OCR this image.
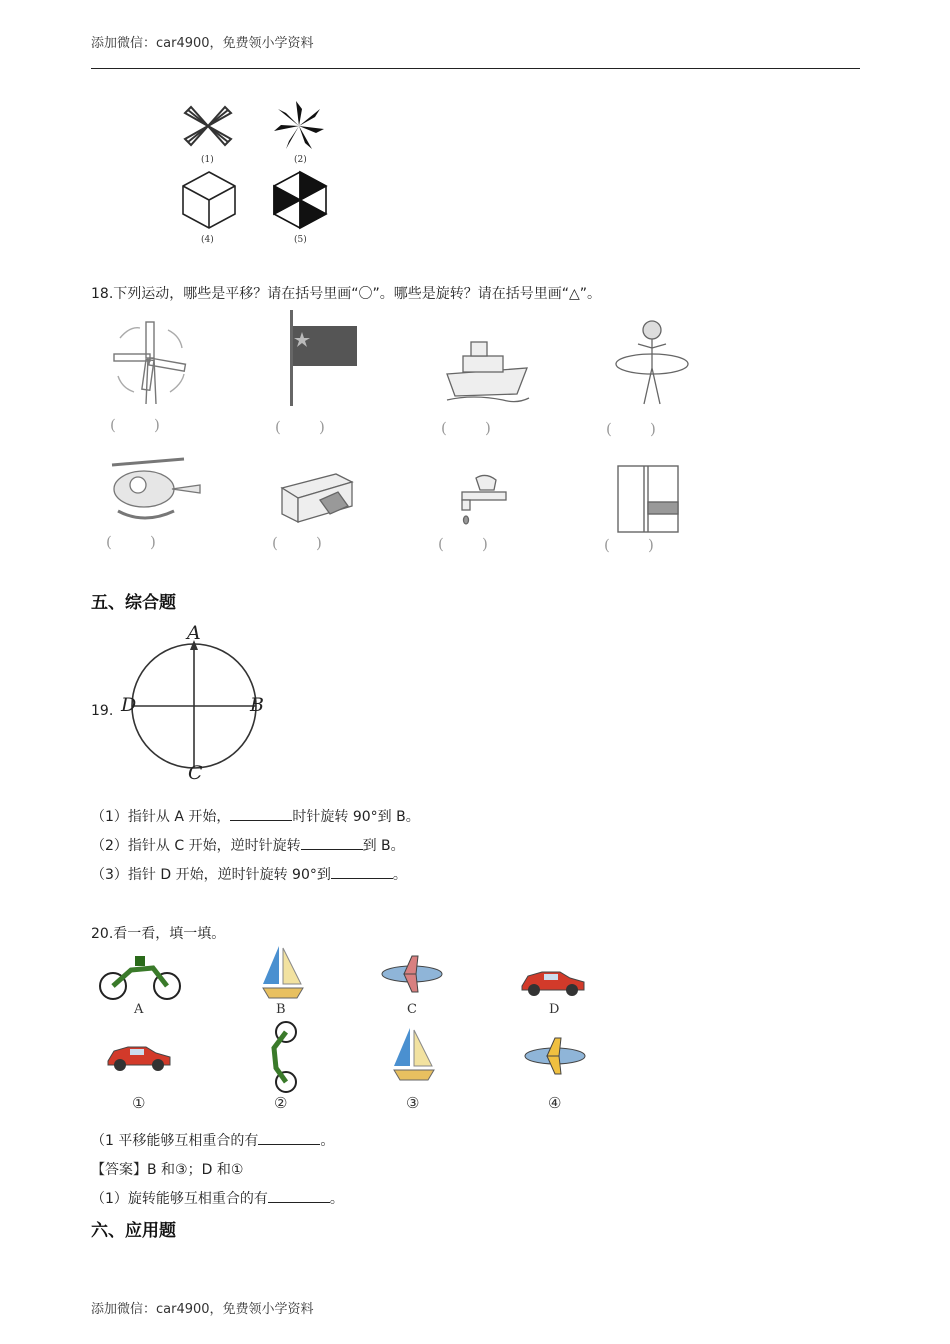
添加微信：car4900，免费领小学资料
(1)	(2)
(4)	(5)
18.下列运动，哪些是平移？请在括号里画“〇”。哪些是旋转？请在括号里画“△”。
(        )	(        )	(        )	(        )
(        )	(        )	(        )	(        )
五、综合题
19.
A
B
C
D
（1）指针从 A 开始，	时针旋转 90°到 B。
（2）指针从 C 开始，逆时针旋转	到 B。
（3）指针 D 开始，逆时针旋转 90°到	。
20.看一看，填一填。
A	B	C	D
①	②	③	④
（1 平移能够互相重合的有	。
【答案】B 和③；D 和①
（1）旋转能够互相重合的有	。
六、应用题
添加微信：car4900，免费领小学资料
